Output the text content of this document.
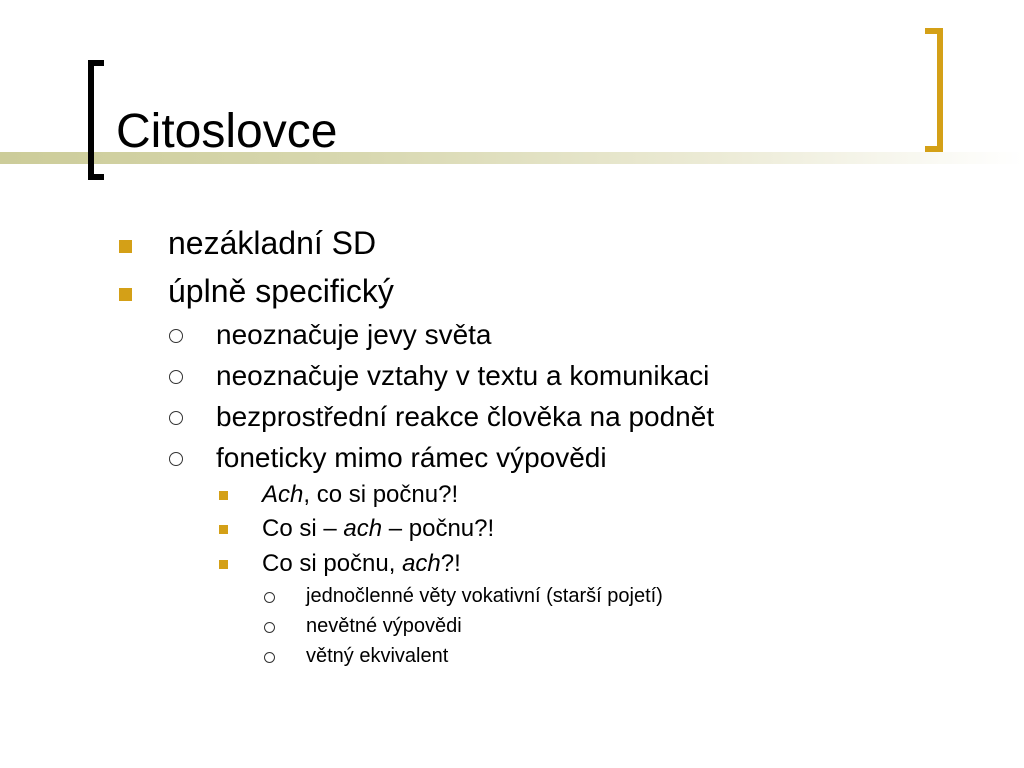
Citoslovce
nezákladní SD
úplně specifický
neoznačuje jevy světa
neoznačuje vztahy v textu a komunikaci
bezprostřední reakce člověka na podnět
foneticky mimo rámec výpovědi
Ach, co si počnu?!
Co si – ach – počnu?!
Co si počnu, ach?!
jednočlenné věty vokativní (starší pojetí)
nevětné výpovědi
větný ekvivalent
